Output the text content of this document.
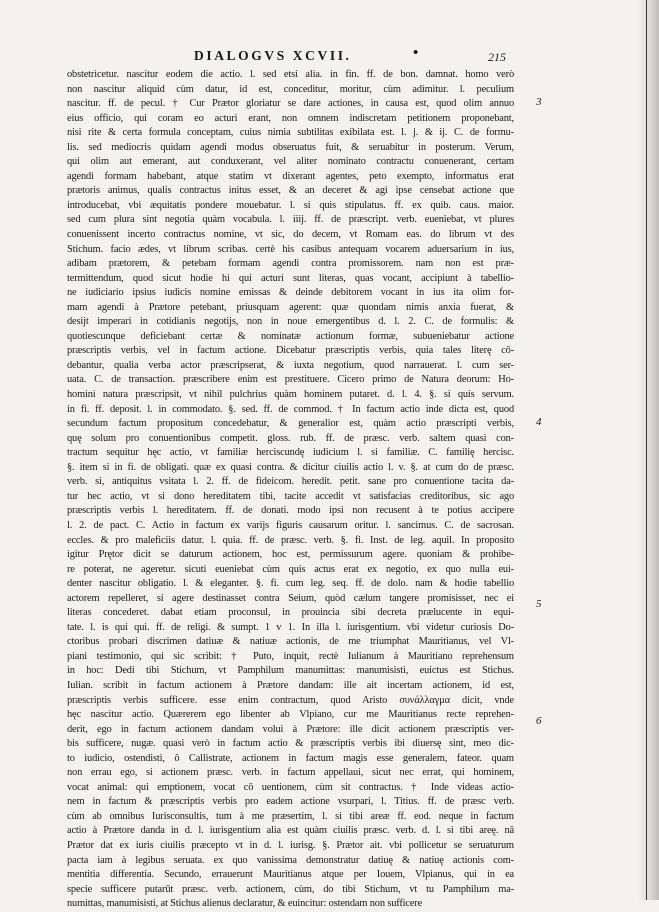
DIALOGVS XCVII.	•	215
obstetricetur. nascitur eodem die actio. l. sed etsi alia. in fin. ff. de bon. damnat. homo verò
non nascitur aliquid cùm datur, id est, conceditur, moritur, cùm adimitur. l. peculium
nascitur. ff. de pecul. † Cur Prætor gloriatur se dare actiones, in causa est, quod olim annuo
eius officio, qui coram eo acturi erant, non omnem indiscretam petitionem proponebant,
nisi rite & certa formula conceptam, cuius nimia subtilitas exibilata est. l. j. & ij. C. de formu-
lis. sed mediocris quidam agendi modus obseruatus fuit, & seruabitur in posterum. Verum,
qui olim aut emerant, aut conduxerant, vel aliter nominato contractu conuenerant, certam
agendi formam habebant, atque statim vt dixerant agentes, peto exempto, informatus erat
prætoris animus, qualis contractus initus esset, & an deceret & agi ipse censebat actione que
introducebat, vbi æquitatis pondere mouebatur. l. si quis stipulatus. ff. ex quib. caus. maior.
sed cum plura sint negotia quàm vocabula. l. iiij. ff. de præscript. verb. eueniebat, vt plures
conuenissent incerto contractus nomine, vt sic, do decem, vt Romam eas. do librum vt des
Stichum. facio ædes, vt librum scribas. certè his casibus antequam vocarem aduersarium in ius,
adibam prætorem, & petebam formam agendi contra promissorem. nam non est præ-
termittendum, quod sicut hodie hi qui acturi sunt literas, quas vocant, accipiunt à tabellio-
ne iudiciario ipsius iudicis nomine emissas & deinde debitorem vocant in ius ita olim for-
mam agendi à Prætore petebant, priusquam agerent: quæ quondam nimis anxia fuerat, &
desijt imperari in cotidianis negotijs, non in noue emergentibus d. l. 2. C. de formulis: &
quotiescunque deficiebant certæ & nominatæ actionum formæ, subueniebatur actione
præscriptis verbis, vel in factum actione. Dicebatur præscriptis verbis, quia tales literę cō-
debantur, qualia verba actor præscripserat, & iuxta negotium, quod narrauerat. l. cum ser-
uata. C. de transaction. præscribere enim est prestituere. Cicero primo de Natura deorum: Ho-
homini natura præscripsit, vt nihil pulchrius quàm hominem putaret. d. l. 4. §. si quis servum.
in fi. ff. deposit. l. in commodato. §. sed. ff. de commod. † In factum actio inde dicta est, quod
secundum factum propositum concedebatur, & generalior est, quàm actio præscripti verbis,
quę solum pro conuentionibus competit. gloss. rub. ff. de præsc. verb. saltem quasi con-
tractum sequitur hęc actio, vt familiæ herciscundę iudicium l. si familiæ. C. familię hercisc.
§. item si in fi. de obligati. quæ ex quasi contra. & dicitur ciuilis actio l. v. §. at cum do de præsc.
verb. si, antiquitus vsitata l. 2. ff. de fideicom. heredit. petit. sane pro conuentione tacita da-
tur hec actio, vt si dono hereditatem tibi, tacite accedit vt satisfacias creditoribus, sic ago
præscriptis verbis l. hereditatem. ff. de donati. modo ipsi non recusent à te potius accipere
l. 2. de pact. C. Actio in factum ex varijs figuris causarum oritur. l. sancimus. C. de sacrosan.
eccles. & pro maleficiis datur. l. quia. ff. de præsc. verb. §. fi. Inst. de leg. aquil. In proposito
igitur Prętor dicit se daturum actionem, hoc est, permissurum agere. quoniam & prohibe-
re poterat, ne ageretur. sicuti eueniebat cùm quis actus erat ex negotio, ex quo nulla eui-
denter nascitur obligatio. l. & eleganter. §. fi. cum leg. seq. ff. de dolo. nam & hodie tabellio
actorem repelleret, si agere destinasset contra Seium, quòd cælum tangere promisisset, nec ei
literas concederet. dabat etiam proconsul, in prouincia sibi decreta prælucente in equi-
tate. l. is qui qui. ff. de religi. & sumpt. 1 v 1. In illa l. iurisgentium. vbi videtur curiosis Do-
ctoribus probari discrimen datiuæ & natiuæ actionis, de me triumphat Mauritianus, vel Vl-
piani testimonio, qui sic scribit: † Puto, inquit, rectè Iulianum à Mauritiano reprehensum
in hoc: Dedi tibi Stichum, vt Pamphilum manumittas: manumisisti, euictus est Stichus.
Iulian. scribit in factum actionem à Prætore dandam: ille ait incertam actionem, id est,
præscriptis verbis sufficere. esse enim contractum, quod Aristo συνάλλαγμα dicit, vnde
hęc nascitur actio. Quærerem ego libenter ab Vlpiano, cur me Mauritianus recte reprehen-
derit, ego in factum actionem dandam volui à Prætore: ille dicit actionem præscriptis ver-
bis sufficere, nugæ. quasi verò in factum actio & præscriptis verbis ibi diuersę sint, meo dic-
to iudicio, ostendisti, ô Callistrate, actionem in factum magis esse generalem, fateor. quam
non errau ego, si actionem præsc. verb. in factum appellaui, sicut nec errat, qui hominem,
vocat animal: qui emptionem, vocat cō uentionem, cùm sit contractus. † Inde videas actio-
nem in factum & præscriptis verbis pro eadem actione vsurpari, l. Titius. ff. de præsc verb.
cùm ab omnibus Iurisconsultis, tum à me præsertim, l. si tibi areæ ff. eod. neque in factum
actio à Prætore danda in d. l. iurisgentium alia est quàm ciuilis præsc. verb. d. l. si tibi areę. nā
Prætor dat ex iuris ciuilis præcepto vt in d. l. iurisg. §. Prætor ait. vbi pollicetur se seruaturum
pacta iam à legibus seruata. ex quo vanissima demonstratur datiuę & natiuę actionis com-
mentitia differentia. Secundo, errauerunt Mauritianus atque per Iouem, Vlpianus, qui in ea
specie sufficere putarūt præsc. verb. actionem, cùm, do tibi Stichum, vt tu Pamphilum ma-
numittas, manumisisti, at Stichus alienus declaratur, & euincitur: ostendam non sufficere
3
4
5
6
